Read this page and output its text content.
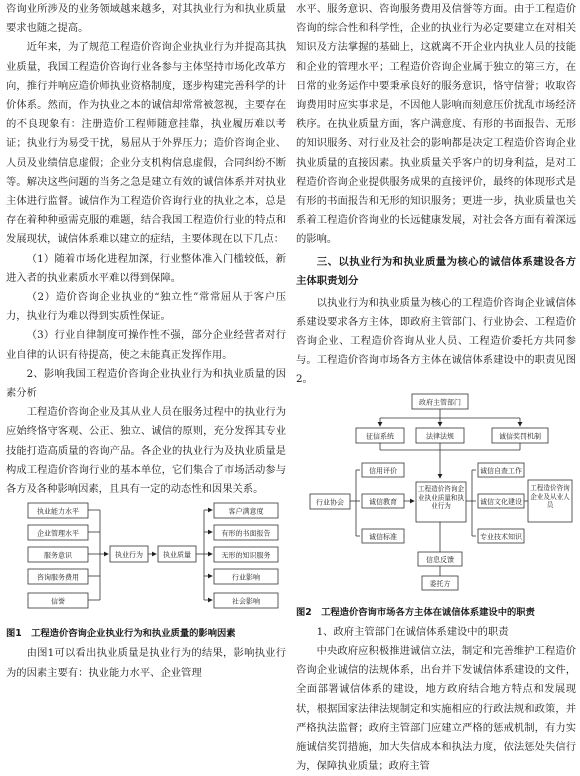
咨询业所涉及的业务领域越来越多，对其执业行为和执业质量要求也随之提高。

近年来，为了规范工程造价咨询企业执业行为并提高其执业质量，我国工程造价咨询行业各参与主体坚持市场化改革方向，推行并响应造价师执业资格制度，逐步构建完善科学的计价体系。然而，作为执业之本的诚信却常常被忽视，主要存在的不良现象有：注册造价工程师随意挂靠，执业履历难以考证；执业行为易受干扰，易屈从于外界压力；造价咨询企业、人员及业绩信息虚假；企业分支机构信息虚假，合同纠纷不断等。解决这些问题的当务之急是建立有效的诚信体系并对执业主体进行监督。诚信作为工程造价咨询行业的执业之本，总是存在着种种亟需克服的难题，结合我国工程造价行业的特点和发展现状，诚信体系难以建立的症结，主要体现在以下几点：

（1）随着市场化进程加深，行业整体准入门槛较低，新进入者的执业素质水平难以得到保障。

（2）造价咨询企业执业的“独立性”常常屈从于客户压力，执业行为难以得到实质性保证。

（3）行业自律制度可操作性不强，部分企业经营者对行业自律的认识有待提高，使之未能真正发挥作用。

2、影响我国工程造价咨询企业执业行为和执业质量的因素分析

工程造价咨询企业及其从业人员在服务过程中的执业行为应始终恪守客观、公正、独立、诚信的原则，充分发挥其专业技能打造高质量的咨询产品。各企业的执业行为及执业质量是构成工程造价咨询行业的基本单位，它们集合了市场活动参与各方及各种影响因素，且具有一定的动态性和因果关系。

执业能力水平
企业管理水平
服务意识
咨询服务费用
信誉
执业行为	执业质量
客户满意度
有形的书面报告
无形的知识服务
行业影响
社会影响
图1　工程造价咨询企业执业行为和执业质量的影响因素

由图1可以看出执业质量是执业行为的结果，影响执业行为的因素主要有：执业能力水平、企业管理

水平、服务意识、咨询服务费用及信誉等方面。由于工程造价咨询的综合性和科学性，企业的执业行为必定要建立在对相关知识及方法掌握的基础上，这就离不开企业内执业人员的技能和企业的管理水平；工程造价咨询企业属于独立的第三方，在日常的业务运作中要秉承良好的服务意识，恪守信誉；收取咨询费用时应实事求是，不因他人影响而刻意压价扰乱市场经济秩序。在执业质量方面，客户满意度、有形的书面报告、无形的知识服务、对行业及社会的影响都是决定工程造价咨询企业执业质量的直接因素。执业质量关乎客户的切身利益，是对工程造价咨询企业提供服务成果的直接评价，最终的体现形式是有形的书面报告和无形的知识服务；更进一步，执业质量也关系着工程造价咨询业的长远健康发展，对社会各方面有着深远的影响。

三、以执业行为和执业质量为核心的诚信体系建设各方主体职责划分

以执业行为和执业质量为核心的工程造价咨询企业诚信体系建设要求各方主体，即政府主管部门、行业协会、工程造价咨询企业、工程造价咨询从业人员、工程造价委托方共同参与。工程造价咨询市场各方主体在诚信体系建设中的职责见图2。

政府主管部门
征信系统	法律法规	诚信奖罚机制
行业协会
信用评价
诚信教育
诚信标准
诚信自查工作
诚信文化建设
专业技术知识
信息反馈
委托方
工程造价咨询企业执业质量和执业行为
工程造价咨询企业及从业人员
图2　工程造价咨询市场各方主体在诚信体系建设中的职责

1、政府主管部门在诚信体系建设中的职责

中央政府应积极推进诚信立法，制定和完善维护工程造价咨询企业诚信的法规体系，出台并下发诚信体系建设的文件，全面部署诚信体系的建设，地方政府结合地方特点和发展现状，根据国家法律法规制定和实施相应的行政法规和政策，并严格执法监督；政府主管部门应建立严格的惩戒机制，有力实施诚信奖罚措施，加大失信成本和执法力度，依法惩处失信行为，保障执业质量；政府主管
